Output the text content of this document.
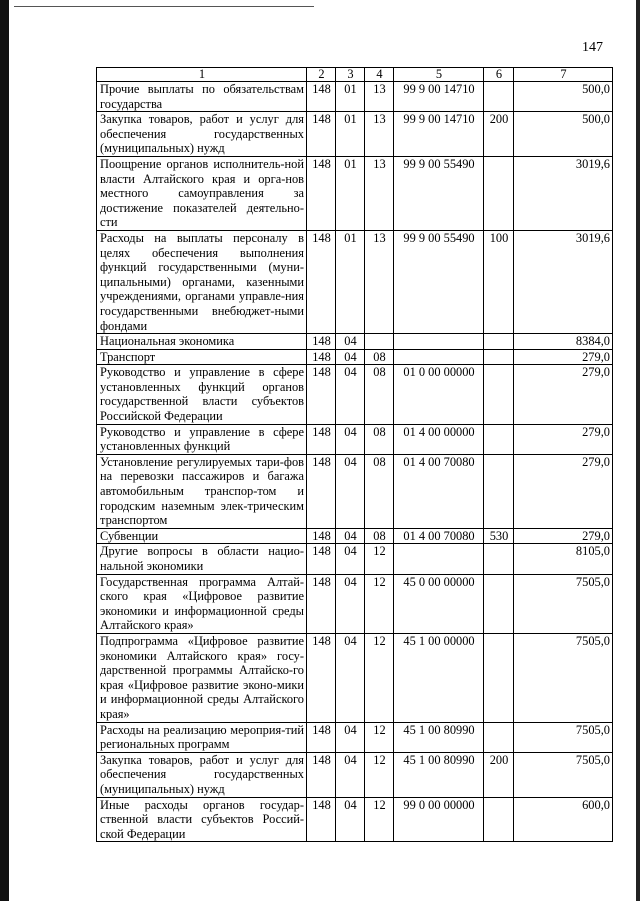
147
1	2	3	4	5	6	7
Прочие выплаты по обязательствам государства	148	01	13	99 9 00 14710		500,0
Закупка товаров, работ и услуг для обеспечения государственных (муниципальных) нужд	148	01	13	99 9 00 14710	200	500,0
Поощрение органов исполнитель-ной власти Алтайского края и орга-нов местного самоуправления за достижение показателей деятельно-сти	148	01	13	99 9 00 55490		3019,6
Расходы на выплаты персоналу в целях обеспечения выполнения функций государственными (муни-ципальными) органами, казенными учреждениями, органами управле-ния государственными внебюджет-ными фондами	148	01	13	99 9 00 55490	100	3019,6
Национальная экономика	148	04				8384,0
Транспорт	148	04	08			279,0
Руководство и управление в сфере установленных функций органов государственной власти субъектов Российской Федерации	148	04	08	01 0 00 00000		279,0
Руководство и управление в сфере установленных функций	148	04	08	01 4 00 00000		279,0
Установление регулируемых тари-фов на перевозки пассажиров и багажа автомобильным транспор-том и городским наземным элек-трическим транспортом	148	04	08	01 4 00 70080		279,0
Субвенции	148	04	08	01 4 00 70080	530	279,0
Другие вопросы в области нацио-нальной экономики	148	04	12			8105,0
Государственная программа Алтай-ского края «Цифровое развитие экономики и информационной среды Алтайского края»	148	04	12	45 0 00 00000		7505,0
Подпрограмма «Цифровое развитие экономики Алтайского края» госу-дарственной программы Алтайско-го края «Цифровое развитие эконо-мики и информационной среды Алтайского края»	148	04	12	45 1 00 00000		7505,0
Расходы на реализацию мероприя-тий региональных программ	148	04	12	45 1 00 80990		7505,0
Закупка товаров, работ и услуг для обеспечения государственных (муниципальных) нужд	148	04	12	45 1 00 80990	200	7505,0
Иные расходы органов государ-ственной власти субъектов Россий-ской Федерации	148	04	12	99 0 00 00000		600,0
